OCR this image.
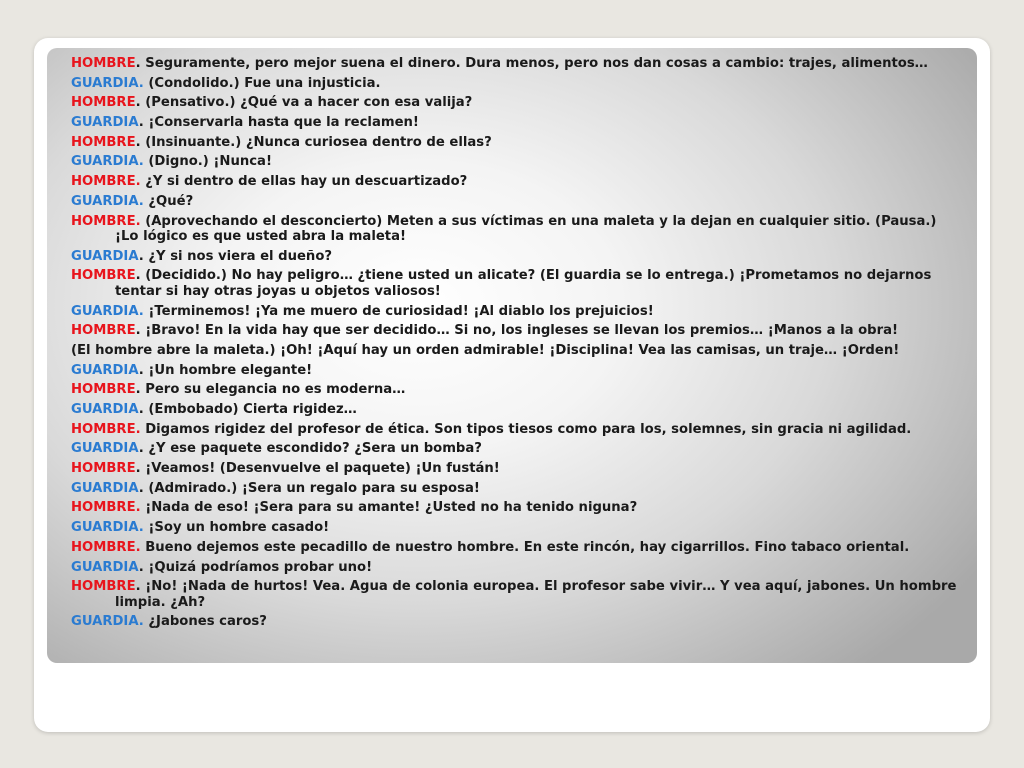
HOMBRE. Seguramente, pero mejor suena el dinero. Dura menos, pero nos dan cosas a cambio: trajes, alimentos…

GUARDIA. (Condolido.) Fue una injusticia.

HOMBRE. (Pensativo.) ¿Qué va a hacer con esa valija?

GUARDIA. ¡Conservarla hasta que la reclamen!

HOMBRE. (Insinuante.) ¿Nunca curiosea dentro de ellas?

GUARDIA. (Digno.) ¡Nunca!

HOMBRE. ¿Y si dentro de ellas hay un descuartizado?

GUARDIA. ¿Qué?

HOMBRE. (Aprovechando el desconcierto) Meten a sus víctimas en una maleta y la dejan en cualquier sitio. (Pausa.) ¡Lo lógico es que usted abra la maleta!

GUARDIA. ¿Y si nos viera el dueño?

HOMBRE. (Decidido.) No hay peligro… ¿tiene usted un alicate? (El guardia se lo entrega.) ¡Prometamos no dejarnos tentar si hay otras joyas u objetos valiosos!

GUARDIA. ¡Terminemos! ¡Ya me muero de curiosidad! ¡Al diablo los prejuicios!

HOMBRE. ¡Bravo! En la vida hay que ser decidido… Si no, los ingleses se llevan los premios… ¡Manos a la obra!

(El hombre abre la maleta.) ¡Oh! ¡Aquí hay un orden admirable! ¡Disciplina! Vea las camisas, un traje… ¡Orden!

GUARDIA. ¡Un hombre elegante!

HOMBRE. Pero su elegancia no es moderna…

GUARDIA. (Embobado) Cierta rigidez…

HOMBRE. Digamos rigidez del profesor de ética. Son tipos tiesos como para los, solemnes, sin gracia ni agilidad.

GUARDIA. ¿Y ese paquete escondido? ¿Sera un bomba?

HOMBRE. ¡Veamos! (Desenvuelve el paquete) ¡Un fustán!

GUARDIA. (Admirado.) ¡Sera un regalo para su esposa!

HOMBRE. ¡Nada de eso! ¡Sera para su amante! ¿Usted no ha tenido niguna?

GUARDIA. ¡Soy un hombre casado!

HOMBRE. Bueno dejemos este pecadillo de nuestro hombre. En este rincón, hay cigarrillos. Fino tabaco oriental.

GUARDIA. ¡Quizá podríamos probar uno!

HOMBRE. ¡No! ¡Nada de hurtos! Vea. Agua de colonia europea. El profesor sabe vivir… Y vea aquí, jabones. Un hombre limpia. ¿Ah?

GUARDIA. ¿Jabones caros?
